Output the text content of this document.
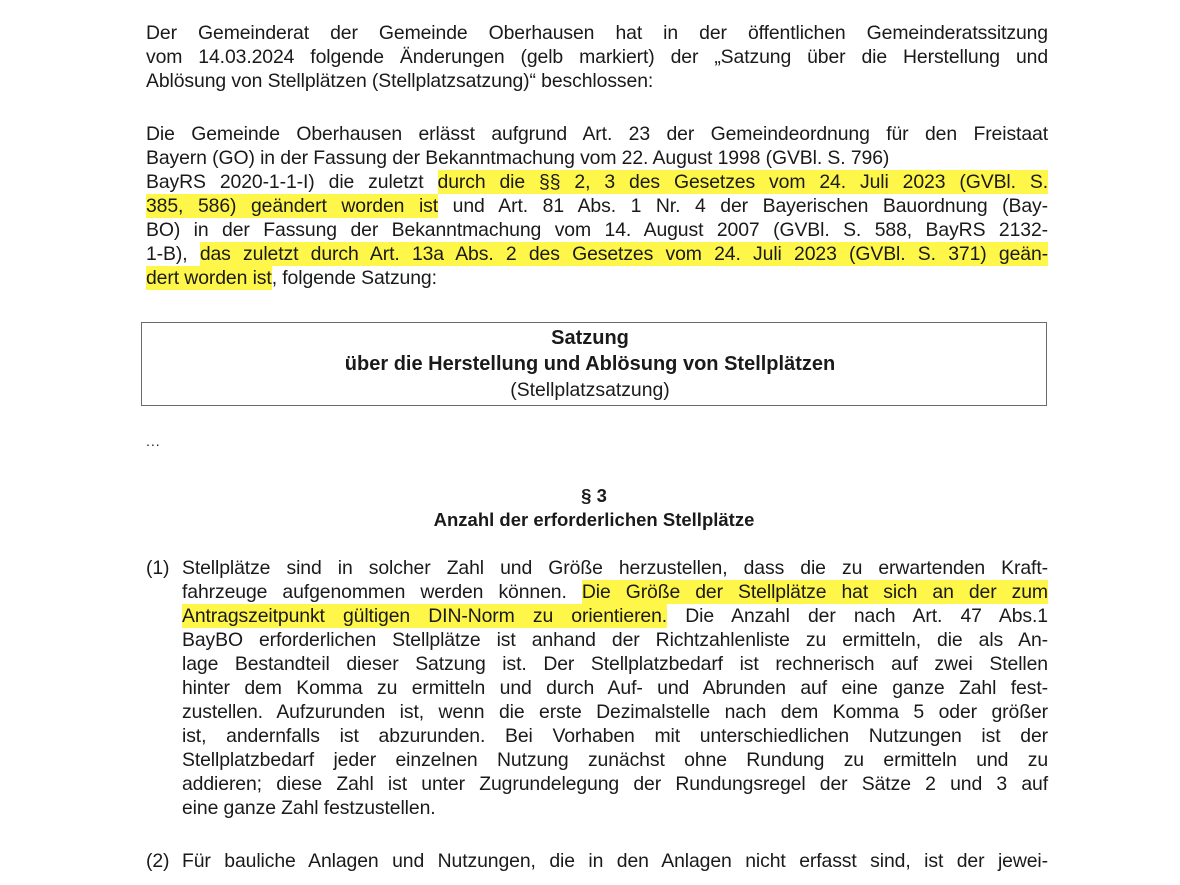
Der Gemeinderat der Gemeinde Oberhausen hat in der öffentlichen Gemeinderatssitzung
vom 14.03.2024 folgende Änderungen (gelb markiert) der „Satzung über die Herstellung und
Ablösung von Stellplätzen (Stellplatzsatzung)“ beschlossen:
Die Gemeinde Oberhausen erlässt aufgrund Art. 23 der Gemeindeordnung für den Freistaat
Bayern (GO) in der Fassung der Bekanntmachung vom 22. August 1998 (GVBl. S. 796)
BayRS 2020-1-1-I) die zuletzt durch die §§ 2, 3 des Gesetzes vom 24. Juli 2023 (GVBl. S.
385, 586) geändert worden ist und Art. 81 Abs. 1 Nr. 4 der Bayerischen Bauordnung (Bay-
BO) in der Fassung der Bekanntmachung vom 14. August 2007 (GVBl. S. 588, BayRS 2132-
1-B), das zuletzt durch Art. 13a Abs. 2 des Gesetzes vom 24. Juli 2023 (GVBl. S. 371) geän-
dert worden ist, folgende Satzung:
Satzung
über die Herstellung und Ablösung von Stellplätzen
(Stellplatzsatzung)
...
§ 3
Anzahl der erforderlichen Stellplätze
(1) Stellplätze sind in solcher Zahl und Größe herzustellen, dass die zu erwartenden Kraft-
fahrzeuge aufgenommen werden können. Die Größe der Stellplätze hat sich an der zum
Antragszeitpunkt gültigen DIN-Norm zu orientieren. Die Anzahl der nach Art. 47 Abs.1
BayBO erforderlichen Stellplätze ist anhand der Richtzahlenliste zu ermitteln, die als An-
lage Bestandteil dieser Satzung ist. Der Stellplatzbedarf ist rechnerisch auf zwei Stellen
hinter dem Komma zu ermitteln und durch Auf- und Abrunden auf eine ganze Zahl fest-
zustellen. Aufzurunden ist, wenn die erste Dezimalstelle nach dem Komma 5 oder größer
ist, andernfalls ist abzurunden. Bei Vorhaben mit unterschiedlichen Nutzungen ist der
Stellplatzbedarf jeder einzelnen Nutzung zunächst ohne Rundung zu ermitteln und zu
addieren; diese Zahl ist unter Zugrundelegung der Rundungsregel der Sätze 2 und 3 auf
eine ganze Zahl festzustellen.
(2) Für bauliche Anlagen und Nutzungen, die in den Anlagen nicht erfasst sind, ist der jewei-
